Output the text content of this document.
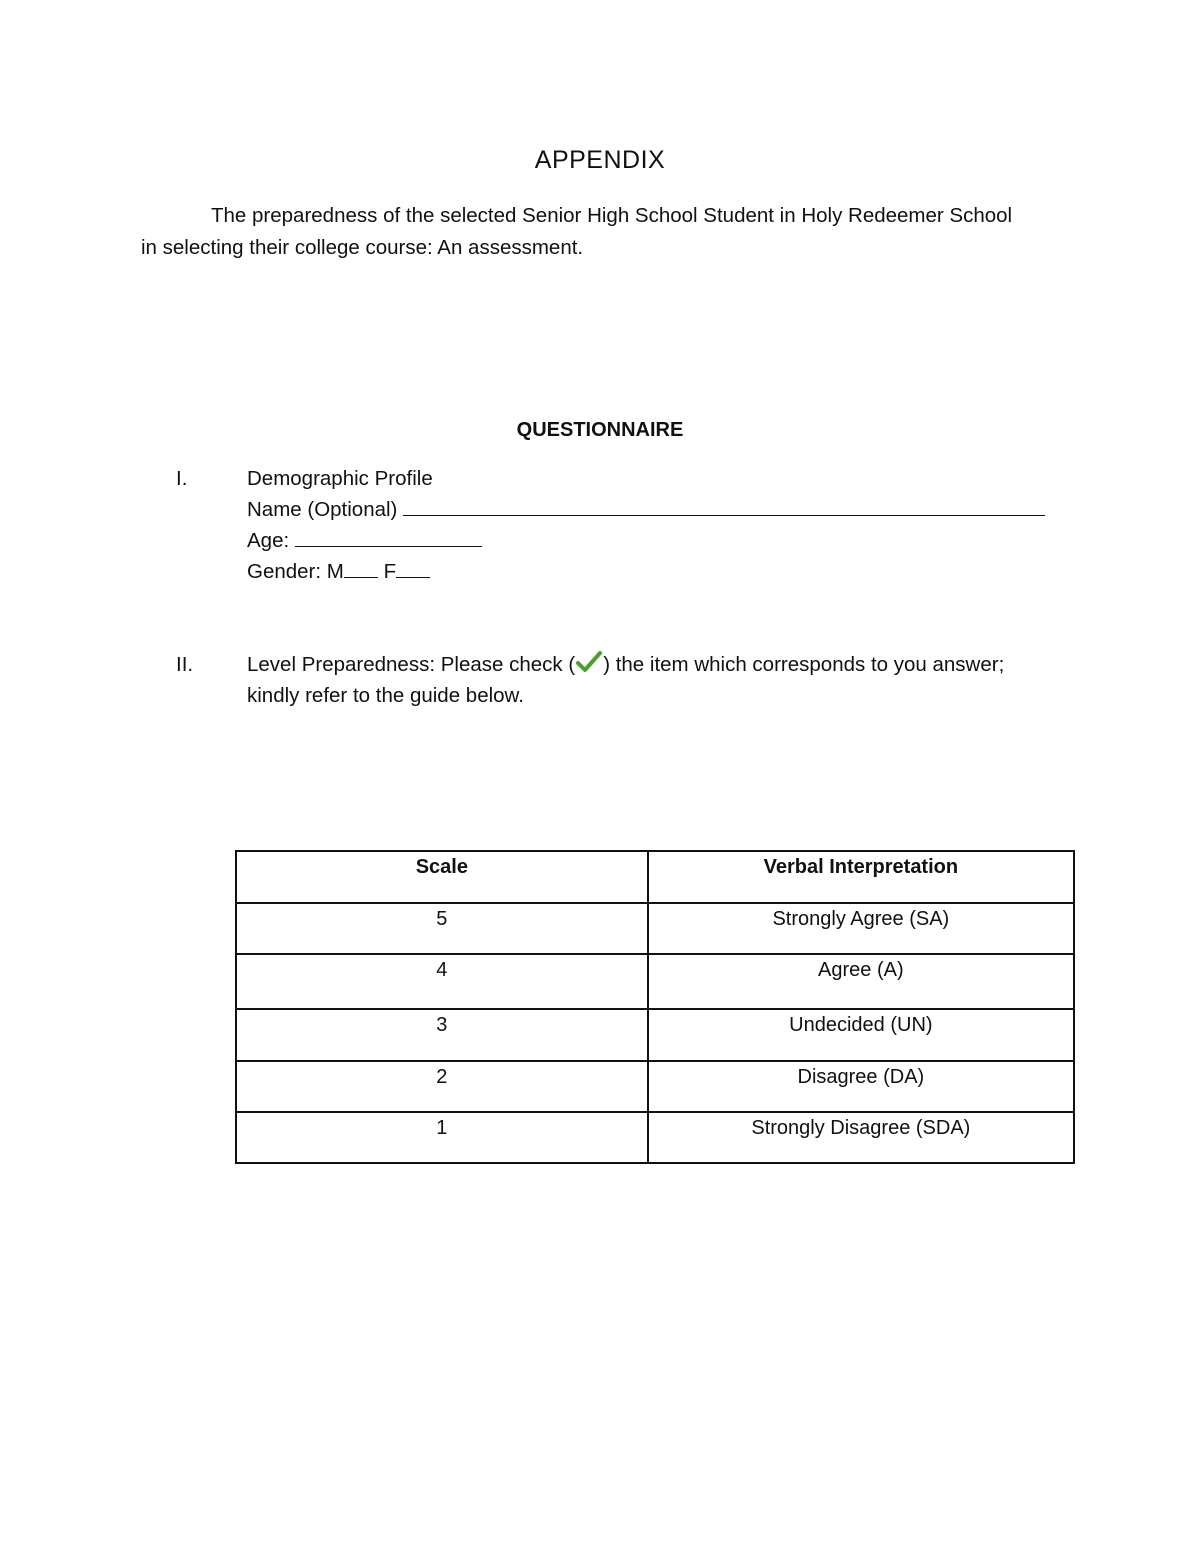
APPENDIX
The preparedness of the selected Senior High School Student in Holy Redeemer School
in selecting their college course: An assessment.
QUESTIONNAIRE
I.	Demographic Profile
Name (Optional)
Age:
Gender: M F
II.	Level Preparedness: Please check ( ) the item which corresponds to you answer;
kindly refer to the guide below.
Scale	Verbal Interpretation
5	Strongly Agree (SA)
4	Agree (A)
3	Undecided (UN)
2	Disagree (DA)
1	Strongly Disagree (SDA)
